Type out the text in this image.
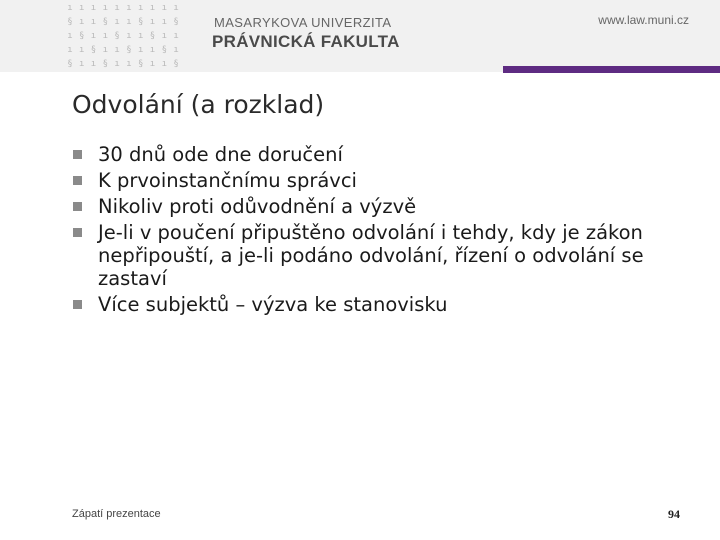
ı ı ı ı ı ı ı ı ı ı
§ ı ı § ı ı § ı ı §
ı § ı ı § ı ı § ı ı
ı ı § ı ı § ı ı § ı
§ ı ı § ı ı § ı ı §
MASARYKOVA UNIVERZITA
PRÁVNICKÁ FAKULTA
www.law.muni.cz
Odvolání (a rozklad)
30 dnů ode dne doručení
K prvoinstančnímu správci
Nikoliv proti odůvodnění a výzvě
Je-li v poučení připuštěno odvolání i tehdy, kdy je zákon nepřipouští, a je-li podáno odvolání, řízení o odvolání se zastaví
Více subjektů – výzva ke stanovisku
Zápatí prezentace	94
